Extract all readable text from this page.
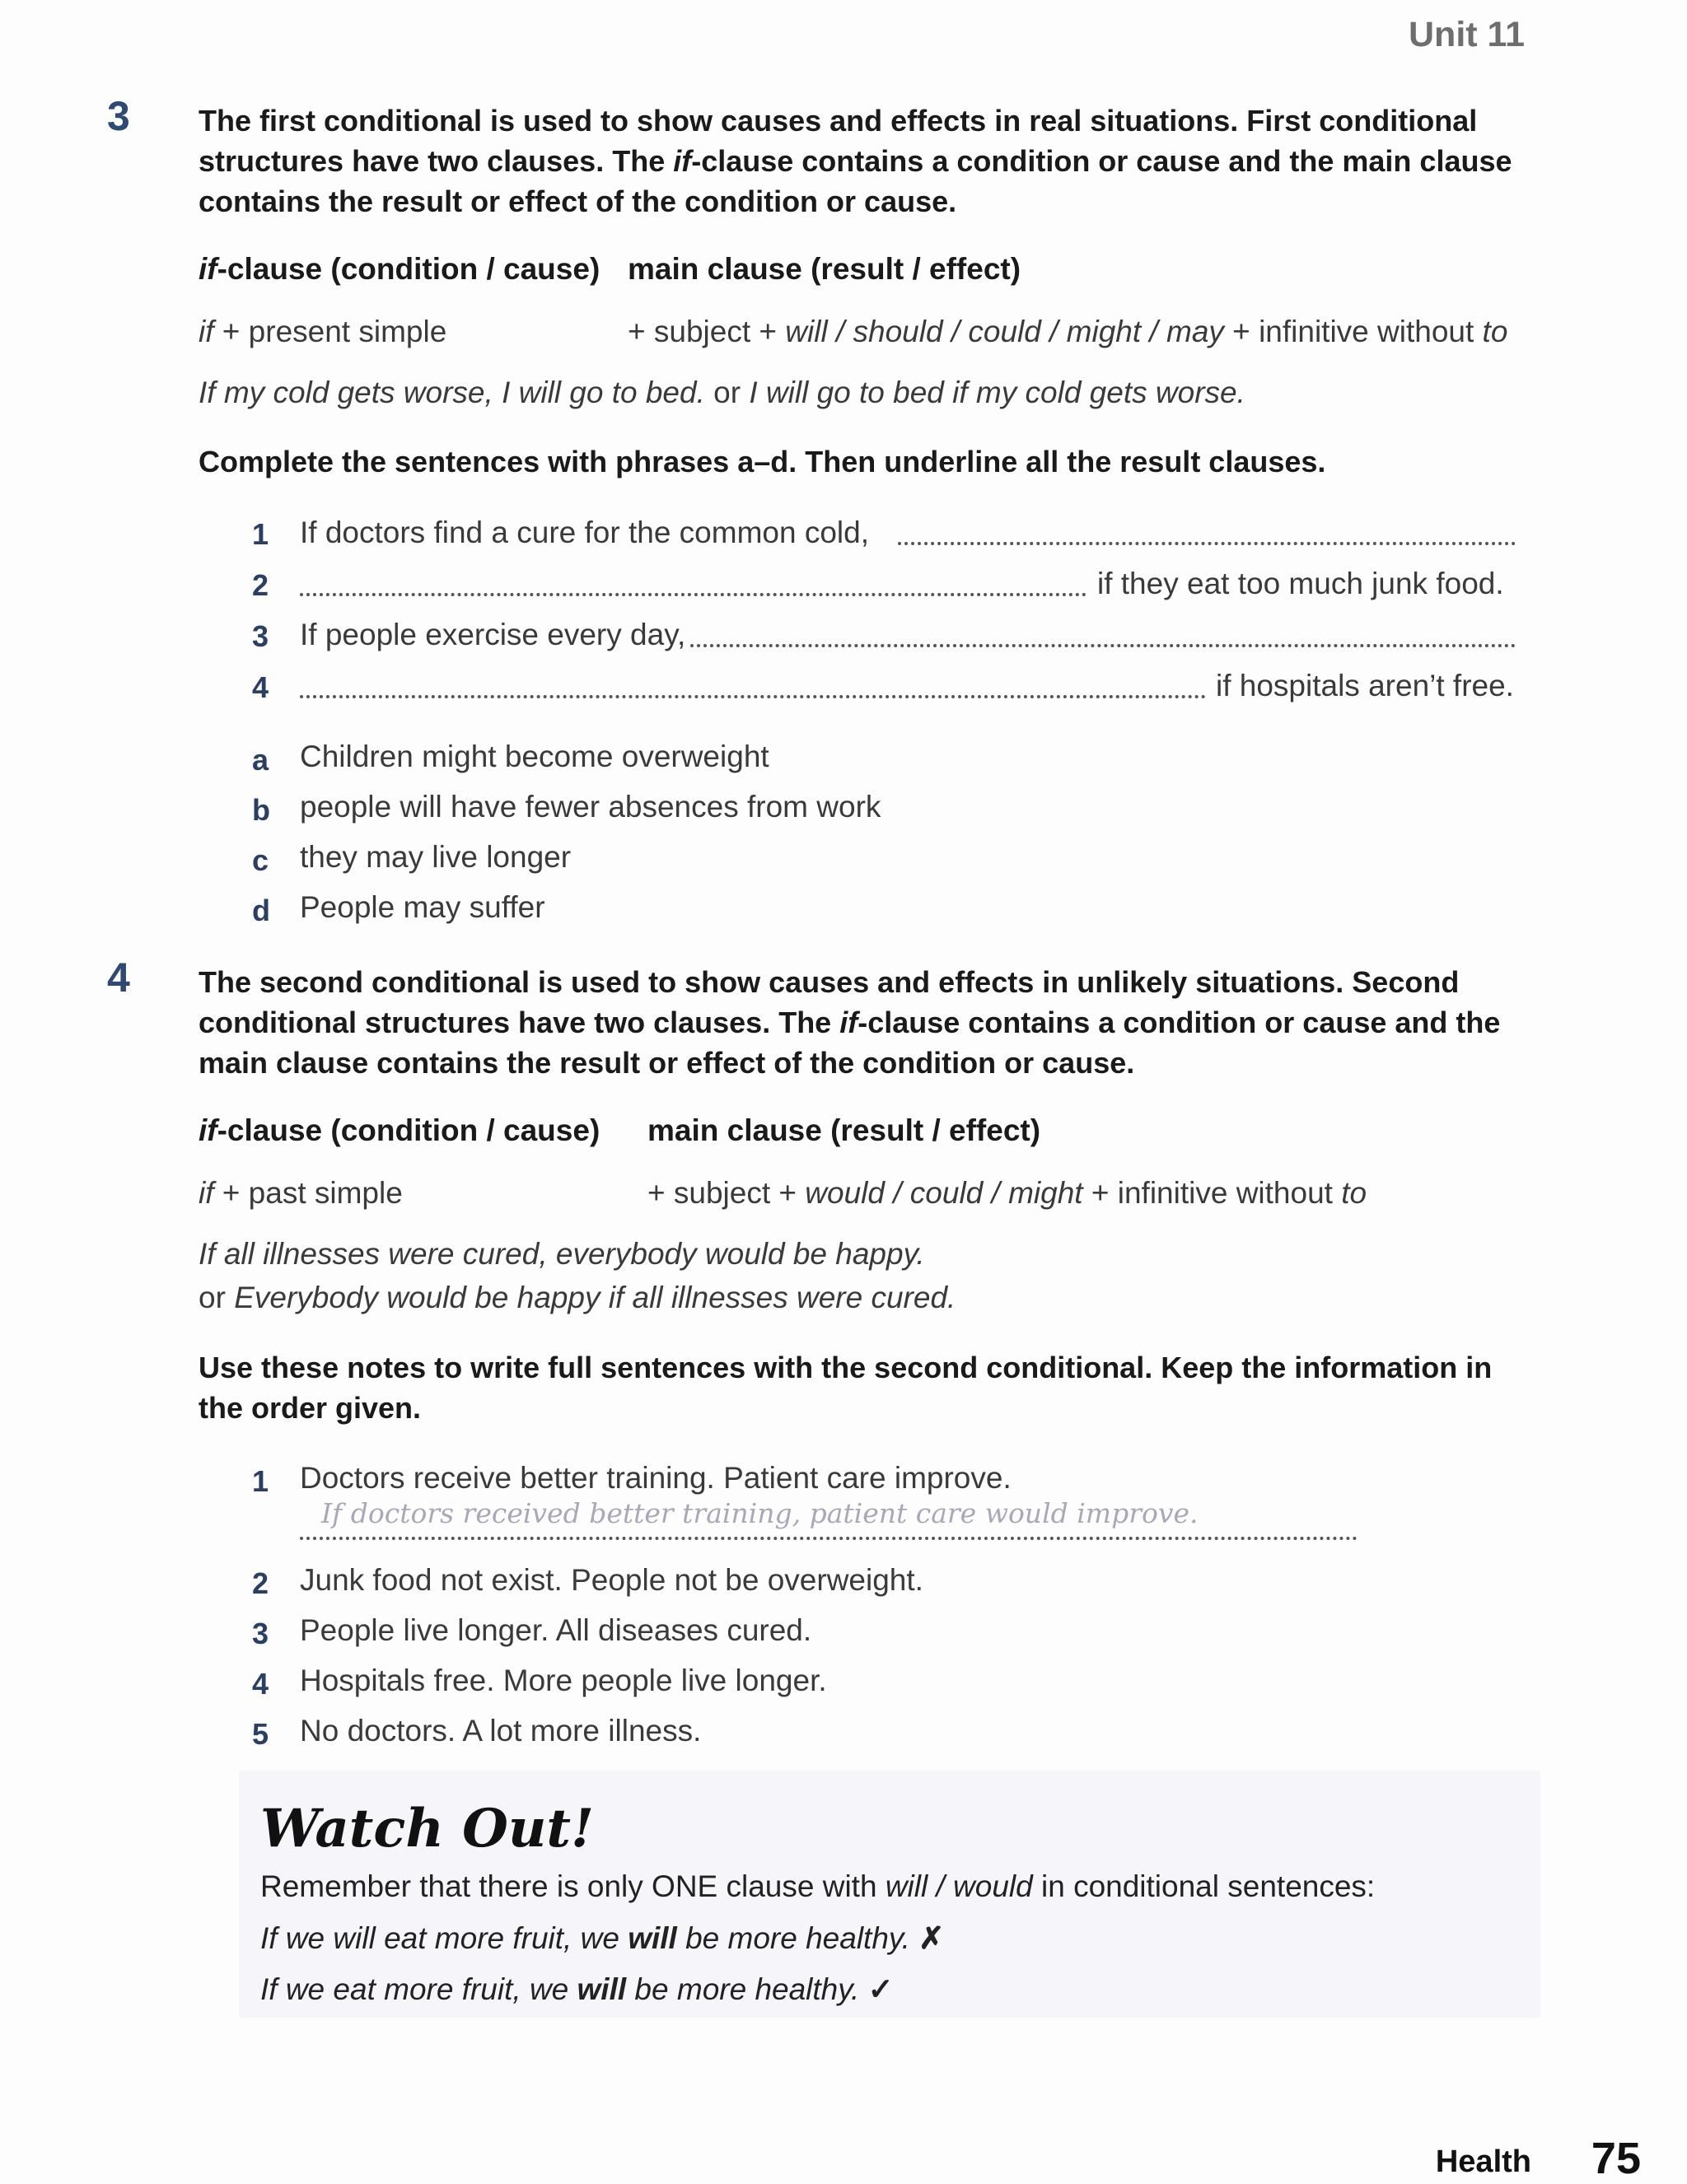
Unit 11
3 The first conditional is used to show causes and effects in real situations. First conditional structures have two clauses. The if-clause contains a condition or cause and the main clause contains the result or effect of the condition or cause.
if-clause (condition / cause) main clause (result / effect)
if + present simple	+ subject + will / should / could / might / may + infinitive without to
If my cold gets worse, I will go to bed. or I will go to bed if my cold gets worse.
Complete the sentences with phrases a–d. Then underline all the result clauses.
1 If doctors find a cure for the common cold,
2	if they eat too much junk food.
3 If people exercise every day,
4	if hospitals aren’t free.
a Children might become overweight
b people will have fewer absences from work
c they may live longer
d People may suffer
4 The second conditional is used to show causes and effects in unlikely situations. Second
conditional structures have two clauses. The if-clause contains a condition or cause and the
main clause contains the result or effect of the condition or cause.
if-clause (condition / cause) main clause (result / effect)
if + past simple	+ subject + would / could / might + infinitive without to
If all illnesses were cured, everybody would be happy.
or Everybody would be happy if all illnesses were cured.
Use these notes to write full sentences with the second conditional. Keep the information in
the order given.
1 Doctors receive better training. Patient care improve.
If doctors received better training, patient care would improve.
2 Junk food not exist. People not be overweight.
3 People live longer. All diseases cured.
4 Hospitals free. More people live longer.
5 No doctors. A lot more illness.
Watch Out!
Remember that there is only ONE clause with will / would in conditional sentences:
If we will eat more fruit, we will be more healthy. ✗
If we eat more fruit, we will be more healthy. ✓
Health 75
